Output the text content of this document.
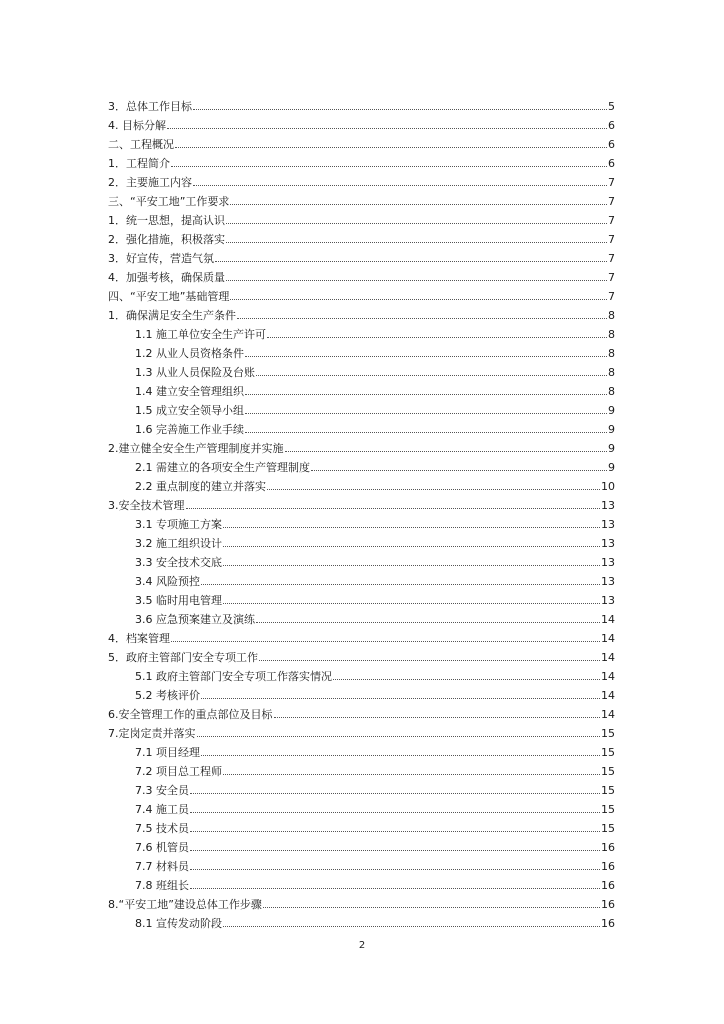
3．总体工作目标	5
4. 目标分解	6
二、工程概况	6
1．工程简介	6
2．主要施工内容	7
三、“平安工地”工作要求	7
1．统一思想，提高认识	7
2．强化措施，积极落实	7
3．好宣传，营造气氛	7
4．加强考核，确保质量	7
四、“平安工地”基础管理	7
1．确保满足安全生产条件	8
1.1 施工单位安全生产许可	8
1.2 从业人员资格条件	8
1.3 从业人员保险及台账	8
1.4 建立安全管理组织	8
1.5 成立安全领导小组	9
1.6 完善施工作业手续	9
2.建立健全安全生产管理制度并实施	9
2.1 需建立的各项安全生产管理制度	9
2.2 重点制度的建立并落实	10
3.安全技术管理	13
3.1 专项施工方案	13
3.2 施工组织设计	13
3.3 安全技术交底	13
3.4 风险预控	13
3.5 临时用电管理	13
3.6 应急预案建立及演练	14
4．档案管理	14
5．政府主管部门安全专项工作	14
5.1 政府主管部门安全专项工作落实情况	14
5.2 考核评价	14
6.安全管理工作的重点部位及目标	14
7.定岗定责并落实	15
7.1 项目经理	15
7.2 项目总工程师	15
7.3 安全员	15
7.4 施工员	15
7.5 技术员	15
7.6 机管员	16
7.7 材料员	16
7.8 班组长	16
8.“平安工地”建设总体工作步骤	16
8.1 宣传发动阶段	16
2
